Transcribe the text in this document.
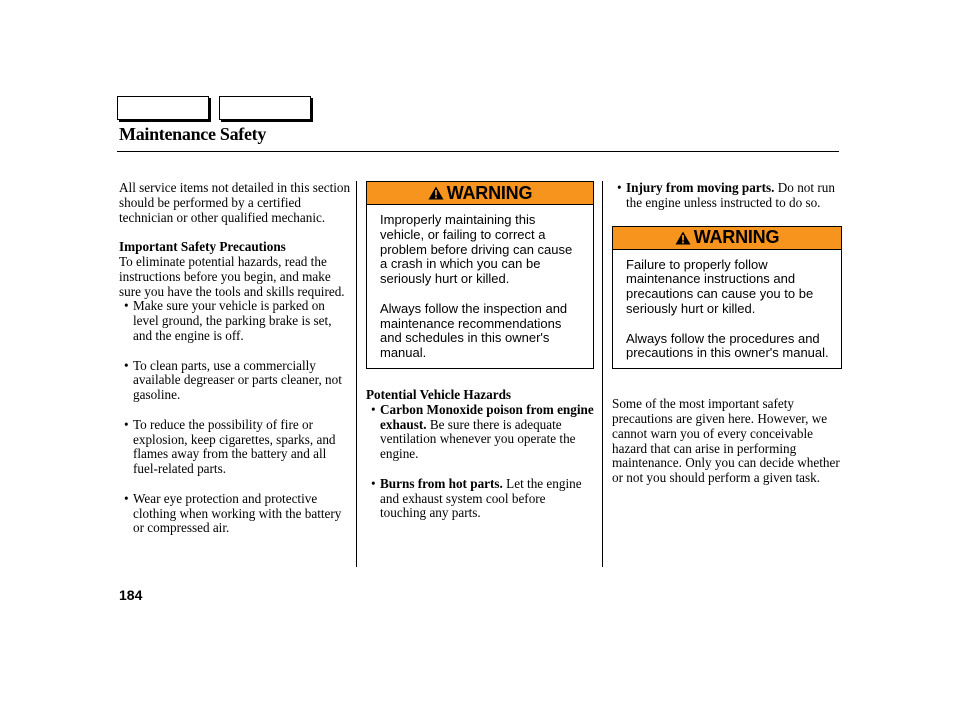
Maintenance Safety

All service items not detailed in this section should be performed by a certified technician or other qualified mechanic.

Important Safety Precautions

To eliminate potential hazards, read the instructions before you begin, and make sure you have the tools and skills required.

• Make sure your vehicle is parked on level ground, the parking brake is set, and the engine is off.

• To clean parts, use a commercially available degreaser or parts cleaner, not gasoline.

• To reduce the possibility of fire or explosion, keep cigarettes, sparks, and flames away from the battery and all fuel-related parts.

• Wear eye protection and protective clothing when working with the battery or compressed air.

WARNING

Improperly maintaining this vehicle, or failing to correct a problem before driving can cause a crash in which you can be seriously hurt or killed.

Always follow the inspection and maintenance recommendations and schedules in this owner's manual.

Potential Vehicle Hazards

• Carbon Monoxide poison from engine exhaust. Be sure there is adequate ventilation whenever you operate the engine.

• Burns from hot parts. Let the engine and exhaust system cool before touching any parts.

• Injury from moving parts. Do not run the engine unless instructed to do so.

WARNING

Failure to properly follow maintenance instructions and precautions can cause you to be seriously hurt or killed.

Always follow the procedures and precautions in this owner's manual.

Some of the most important safety precautions are given here. However, we cannot warn you of every conceivable hazard that can arise in performing maintenance. Only you can decide whether or not you should perform a given task.

184
